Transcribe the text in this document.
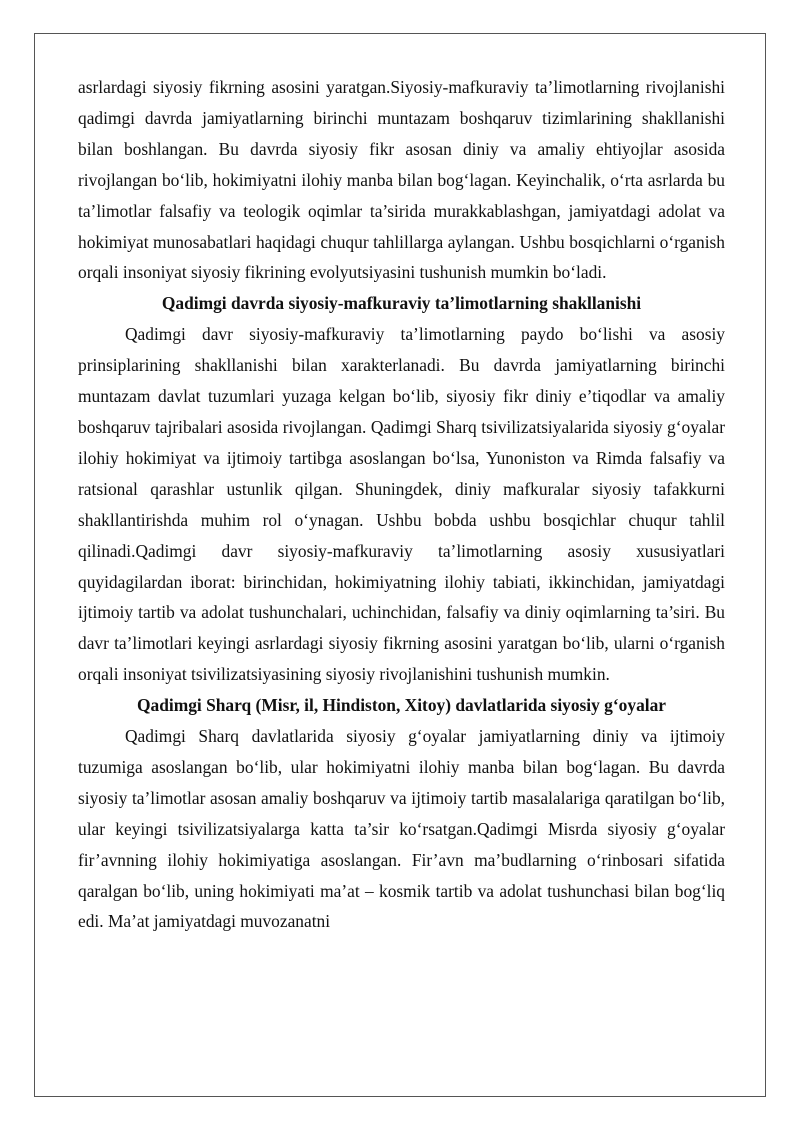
asrlardagi siyosiy fikrning asosini yaratgan.Siyosiy-mafkuraviy ta’limotlarning rivojlanishi qadimgi davrda jamiyatlarning birinchi muntazam boshqaruv tizimlarining shakllanishi bilan boshlangan. Bu davrda siyosiy fikr asosan diniy va amaliy ehtiyojlar asosida rivojlangan bo‘lib, hokimiyatni ilohiy manba bilan bog‘lagan. Keyinchalik, o‘rta asrlarda bu ta’limotlar falsafiy va teologik oqimlar ta’sirida murakkablashgan, jamiyatdagi adolat va hokimiyat munosabatlari haqidagi chuqur tahlillarga aylangan. Ushbu bosqichlarni o‘rganish orqali insoniyat siyosiy fikrining evolyutsiyasini tushunish mumkin bo‘ladi.

Qadimgi davrda siyosiy-mafkuraviy ta’limotlarning shakllanishi

Qadimgi davr siyosiy-mafkuraviy ta’limotlarning paydo bo‘lishi va asosiy prinsiplarining shakllanishi bilan xarakterlanadi. Bu davrda jamiyatlarning birinchi muntazam davlat tuzumlari yuzaga kelgan bo‘lib, siyosiy fikr diniy e’tiqodlar va amaliy boshqaruv tajribalari asosida rivojlangan. Qadimgi Sharq tsivilizatsiyalarida siyosiy g‘oyalar ilohiy hokimiyat va ijtimoiy tartibga asoslangan bo‘lsa, Yunoniston va Rimda falsafiy va ratsional qarashlar ustunlik qilgan. Shuningdek, diniy mafkuralar siyosiy tafakkurni shakllantirishda muhim rol o‘ynagan. Ushbu bobda ushbu bosqichlar chuqur tahlil qilinadi.Qadimgi davr siyosiy-mafkuraviy ta’limotlarning asosiy xususiyatlari quyidagilardan iborat: birinchidan, hokimiyatning ilohiy tabiati, ikkinchidan, jamiyatdagi ijtimoiy tartib va adolat tushunchalari, uchinchidan, falsafiy va diniy oqimlarning ta’siri. Bu davr ta’limotlari keyingi asrlardagi siyosiy fikrning asosini yaratgan bo‘lib, ularni o‘rganish orqali insoniyat tsivilizatsiyasining siyosiy rivojlanishini tushunish mumkin.

Qadimgi Sharq (Misr, il, Hindiston, Xitoy) davlatlarida siyosiy g‘oyalar

Qadimgi Sharq davlatlarida siyosiy g‘oyalar jamiyatlarning diniy va ijtimoiy tuzumiga asoslangan bo‘lib, ular hokimiyatni ilohiy manba bilan bog‘lagan. Bu davrda siyosiy ta’limotlar asosan amaliy boshqaruv va ijtimoiy tartib masalalariga qaratilgan bo‘lib, ular keyingi tsivilizatsiyalarga katta ta’sir ko‘rsatgan.Qadimgi Misrda siyosiy g‘oyalar fir’avnning ilohiy hokimiyatiga asoslangan. Fir’avn ma’budlarning o‘rinbosari sifatida qaralgan bo‘lib, uning hokimiyati ma’at – kosmik tartib va adolat tushunchasi bilan bog‘liq edi. Ma’at jamiyatdagi muvozanatni
